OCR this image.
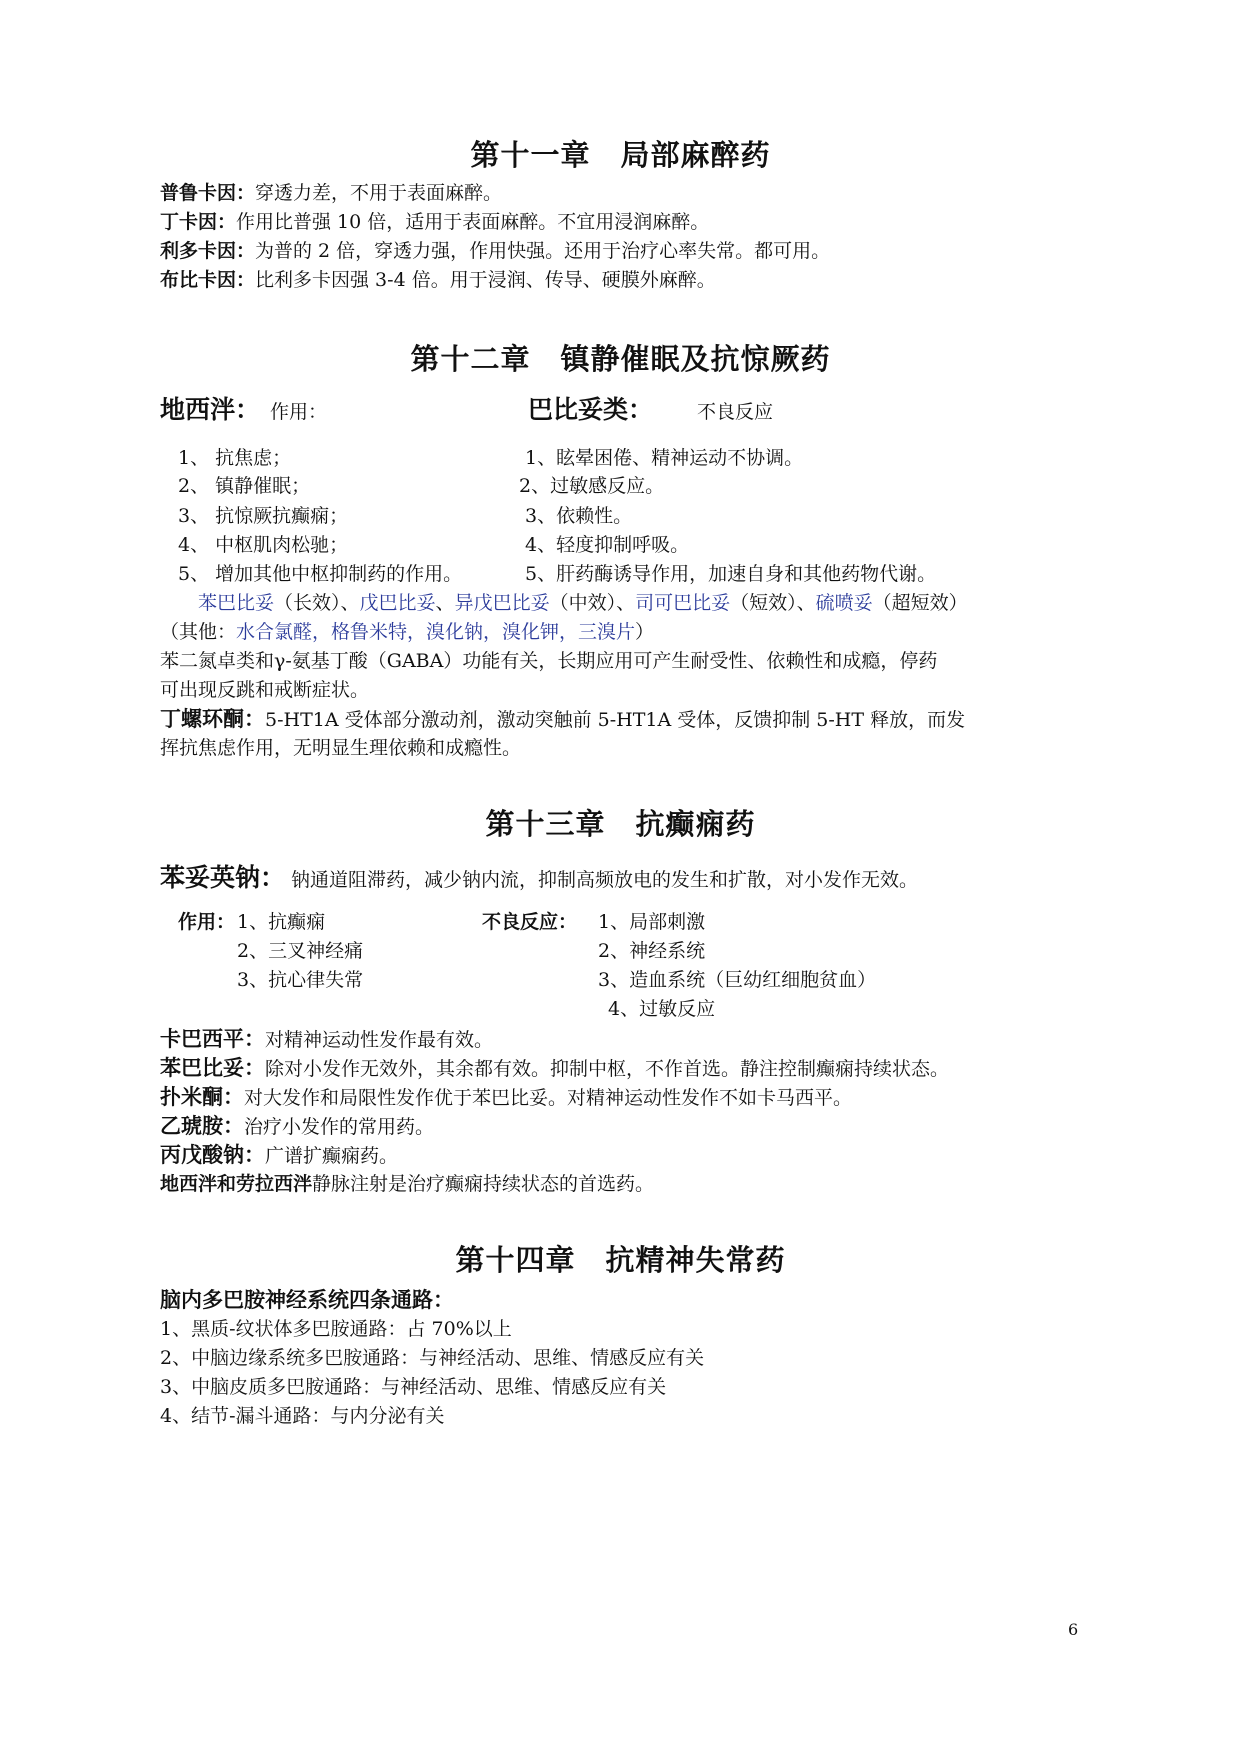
第十一章　局部麻醉药
普鲁卡因：穿透力差，不用于表面麻醉。
丁卡因：作用比普强 10 倍，适用于表面麻醉。不宜用浸润麻醉。
利多卡因：为普的 2 倍，穿透力强，作用快强。还用于治疗心率失常。都可用。
布比卡因：比利多卡因强 3-4 倍。用于浸润、传导、硬膜外麻醉。
第十二章　镇静催眠及抗惊厥药
地西泮： 作用：	巴比妥类： 不良反应
1、 抗焦虑；
2、 镇静催眠；
3、 抗惊厥抗癫痫；
4、 中枢肌肉松驰；
5、 增加其他中枢抑制药的作用。
1、眩晕困倦、精神运动不协调。
2、过敏感反应。
3、依赖性。
4、轻度抑制呼吸。
5、肝药酶诱导作用，加速自身和其他药物代谢。
苯巴比妥（长效）、戊巴比妥、异戊巴比妥（中效）、司可巴比妥（短效）、硫喷妥（超短效）
（其他：水合氯醛，格鲁米特，溴化钠，溴化钾，三溴片）
苯二氮卓类和γ-氨基丁酸（GABA）功能有关，长期应用可产生耐受性、依赖性和成瘾，停药
可出现反跳和戒断症状。
丁螺环酮：5-HT1A 受体部分激动剂，激动突触前 5-HT1A 受体，反馈抑制 5-HT 释放，而发
挥抗焦虑作用，无明显生理依赖和成瘾性。
第十三章　抗癫痫药
苯妥英钠： 钠通道阻滞药，减少钠内流，抑制高频放电的发生和扩散，对小发作无效。
作用： 1、抗癫痫
2、三叉神经痛
3、抗心律失常
不良反应： 1、局部刺激
2、神经系统
3、造血系统（巨幼红细胞贫血）
4、过敏反应
卡巴西平：对精神运动性发作最有效。
苯巴比妥：除对小发作无效外，其余都有效。抑制中枢，不作首选。静注控制癫痫持续状态。
扑米酮：对大发作和局限性发作优于苯巴比妥。对精神运动性发作不如卡马西平。
乙琥胺：治疗小发作的常用药。
丙戊酸钠：广谱扩癫痫药。
地西泮和劳拉西泮静脉注射是治疗癫痫持续状态的首选药。
第十四章　抗精神失常药
脑内多巴胺神经系统四条通路：
1、黑质-纹状体多巴胺通路：占 70%以上
2、中脑边缘系统多巴胺通路：与神经活动、思维、情感反应有关
3、中脑皮质多巴胺通路：与神经活动、思维、情感反应有关
4、结节-漏斗通路：与内分泌有关
6
